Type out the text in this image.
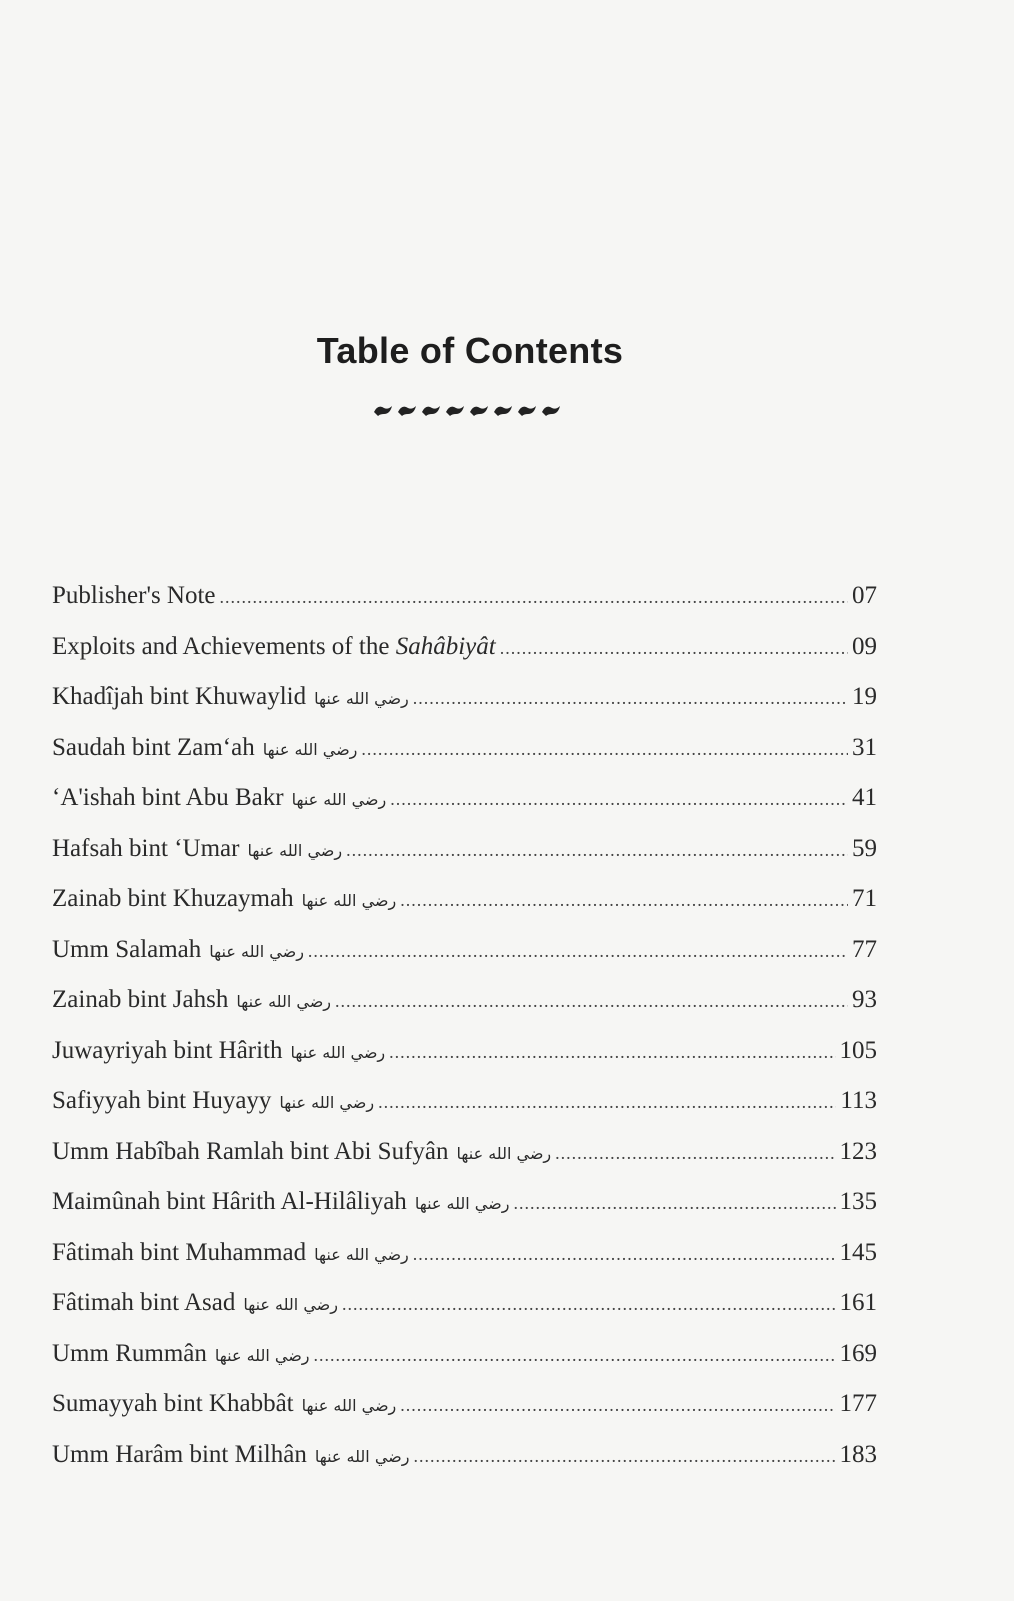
Table of Contents
Publisher's Note .....	07
Exploits and Achievements of the Sahâbiyât .....	09
Khadîjah bint Khuwaylid رضي الله عنها .....	19
Saudah bint Zam‘ah رضي الله عنها .....	31
‘A'ishah bint Abu Bakr رضي الله عنها .....	41
Hafsah bint ‘Umar رضي الله عنها .....	59
Zainab bint Khuzaymah رضي الله عنها .....	71
Umm Salamah رضي الله عنها .....	77
Zainab bint Jahsh رضي الله عنها .....	93
Juwayriyah bint Hârith رضي الله عنها .....	105
Safiyyah bint Huyayy رضي الله عنها .....	113
Umm Habîbah Ramlah bint Abi Sufyân رضي الله عنها .....	123
Maimûnah bint Hârith Al-Hilâliyah رضي الله عنها .....	135
Fâtimah bint Muhammad رضي الله عنها .....	145
Fâtimah bint Asad رضي الله عنها .....	161
Umm Rummân رضي الله عنها .....	169
Sumayyah bint Khabbât رضي الله عنها .....	177
Umm Harâm bint Milhân رضي الله عنها .....	183
